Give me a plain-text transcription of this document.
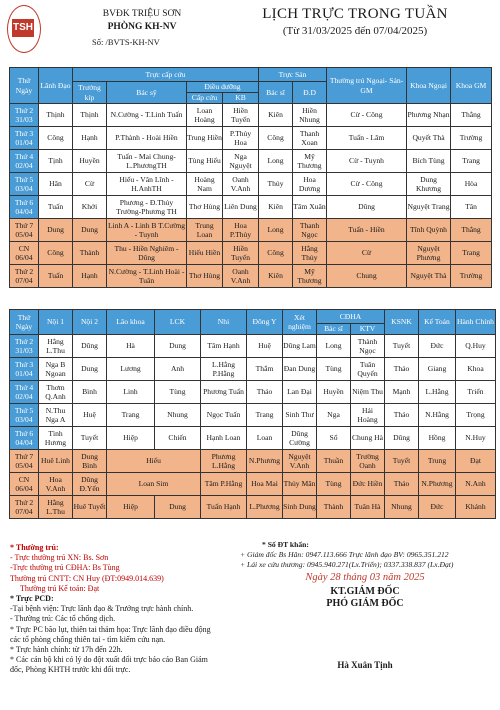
TSH
BVĐK TRIỆU SƠN
PHÒNG KH-NV
Số: /BVTS-KH-NV
LỊCH TRỰC TRONG TUẦN
(Từ 31/03/2025 đến 07/04/2025)
Thứ Ngày	Lãnh Đạo	Trực cấp cứu				Trực Sản		Thường trú Ngoại- Sản-GM	Khoa Ngoại	Khoa GM
		Trưởng kíp	Bác sỹ	Điều dưỡng		Bác sĩ	Đ.D			
				Cấp cứu	KB					
Thứ 2 31/03	Thịnh	Thịnh	N.Cường - T.Linh Tuấn	Loan Hoàng	Hiền Tuyến	Kiên	Hiền Nhung	Cừ - Công	Phương Nhạn	Thắng
Thứ 3 01/04	Công	Hạnh	P.Thành - Hoài Hiền	Trung Hiền	P.Thủy Hoa	Công	Thanh Xoan	Tuấn - Lâm	Quyết Thà	Trường
Thứ 4 02/04	Tịnh	Huyền	Tuấn - Mai Chung-L.PhươngTH	Tùng Hiếu	Nga Nguyệt	Long	Mỹ Thương	Cừ - Tuynh	Bích Tùng	Trang
Thứ 5 03/04	Hãn	Cừ	Hiếu - Vân Lĩnh - H.AnhTH	Hoàng Nam	Oanh V.Anh	Thủy	Hoa Dương	Cừ - Công	Dung Khương	Hòa
Thứ 6 04/04	Tuấn	Khởi	Phương - Đ.Thủy Trường-Phương TH	Thơ Hùng	Liên Dung	Kiên	Tâm Xuân	Dũng	Nguyệt Trang	Tân
Thứ 7 05/04	Dung	Dung	Linh A - Linh B T.Cường - Tuynh	Trung Loan	Hoa P.Thủy	Long	Thanh Ngọc	Tuấn - Hiền	Tĩnh Quỳnh	Thắng
CN 06/04	Công	Thành	Thu - Hiền Nghiêm - Dũng	Hiếu Hiền	Hiền Tuyến	Công	Hằng Thủy	Cừ	Nguyệt Phương	Trang
Thứ 2 07/04	Tuấn	Hạnh	N.Cường - T.Linh Hoài - Tuân	Thơ Hùng	Oanh V.Anh	Kiên	Mỹ Thương	Chung	Nguyệt Thà	Trường
Thứ Ngày	Nội 1	Nội 2	Lão khoa	LCK	Nhi	Đông Y	Xét nghiệm	CĐHA		KSNK	Kế Toán	Hành Chính
								Bác sĩ	KTV			
Thứ 2 31/03	Hằng L.Thu	Dũng	Hà	Dung	Tâm Hạnh	Huệ	Dũng Lam	Long	Thành Ngọc	Tuyết	Đức	Q.Huy
Thứ 3 01/04	Nga B Ngoan	Dung	Lương	Anh	L.Hằng P.Hằng	Thắm	Đan Dung	Tùng	Tuân Quyến	Thảo	Giang	Khoa
Thứ 4 02/04	Thơm Q.Anh	Bình	Linh	Tùng	Phương Tuấn	Thảo	Lan Đại	Huyền	Niệm Thu	Mạnh	L.Hằng	Triển
Thứ 5 03/04	N.Thu Nga A	Huệ	Trang	Nhung	Ngọc Tuấn	Trang	Sinh Thư	Nga	Hải Hoàng	Thảo	N.Hằng	Trọng
Thứ 6 04/04	Tình Hương	Tuyết	Hiệp	Chiến	Hạnh Loan	Loan	Dũng Cường	Sổ	Chung Hà	Dũng	Hồng	N.Huy
Thứ 7 05/04	Huê Linh	Dung Bình	Hiếu		Phương L.Hằng	N.Phương	Nguyệt V.Anh	Thuần	Trường Oanh	Tuyết	Trung	Đạt
CN 06/04	Hoa V.Anh	Dũng Đ.Yến	Loan Sim		Tâm P.Hằng	Hoa Mai	Thủy Mân	Tùng	Đức Hiền	Thảo	N.Phương	N.Anh
Thứ 2 07/04	Hằng L.Thu	Huê Tuyết	Hiệp	Dung	Tuấn Hạnh	L.Phương	Sinh Dung	Thành	Tuân Hà	Nhung	Đức	Khánh
* Thường trú:
- Trực thường trú XN: Bs. Sơn
-Trực thường trú CĐHA: Bs Tùng
Thường trú CNTT: CN Huy (ĐT:0949.014.639)
Thường trú Kế toán: Đạt
* Trực PCD:
-Tại bệnh viện: Trực lãnh đạo & Trưởng trực hành chính.
- Thường trú: Các tổ chống dịch.
* Trực PC bão lụt, thiên tai thảm họa: Trực lãnh đạo điều động
các tổ phòng chống thiên tai - tìm kiếm cứu nạn.
* Trực hành chính: từ 17h đến 22h.
* Các cán bộ khi có lý do đột xuất đổi trực báo cáo Ban Giám
đốc, Phòng KHTH trước khi đổi trực.
* Số ĐT khẩn:
+ Giám đốc Bs Hân: 0947.113.666 Trực lãnh đạo BV: 0965.351.212
+ Lái xe cứu thương: 0945.940.271(Lx.Triển); 0337.338.837 (Lx.Đạt)
Ngày 28 tháng 03 năm 2025
KT.GIÁM ĐỐC
PHÓ GIÁM ĐỐC
Hà Xuân Tịnh
